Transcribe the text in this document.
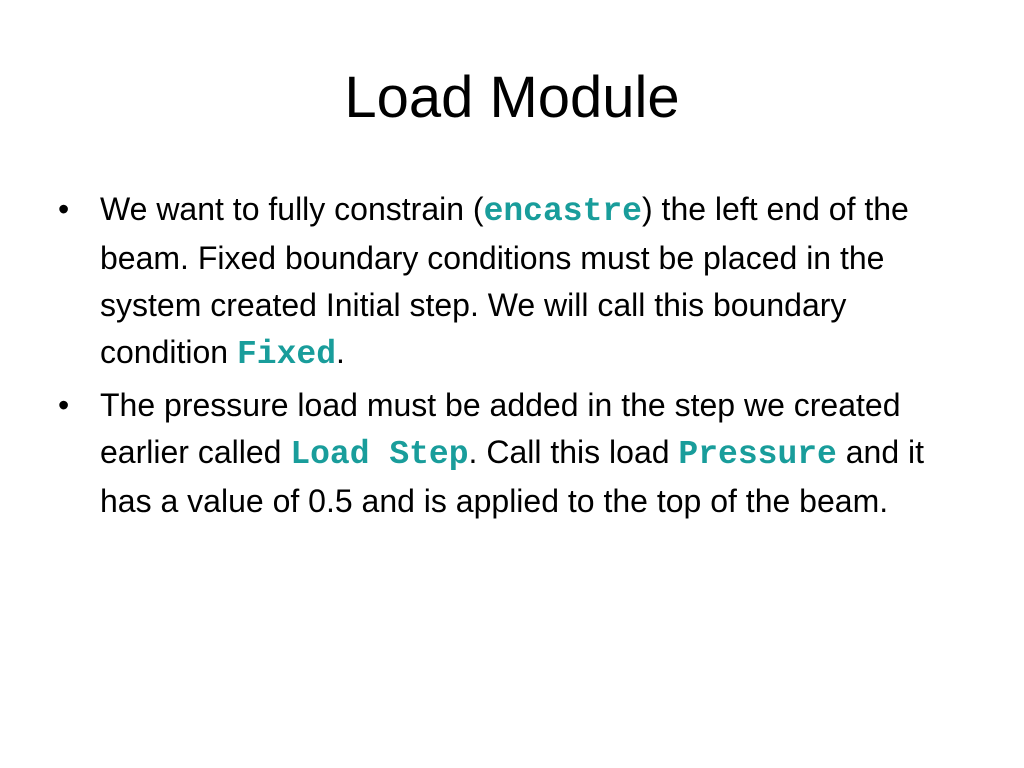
Load Module
• We want to fully constrain (encastre) the left end of the beam. Fixed boundary conditions must be placed in the system created Initial step. We will call this boundary condition Fixed.
• The pressure load must be added in the step we created earlier called Load Step. Call this load Pressure and it has a value of 0.5 and is applied to the top of the beam.
